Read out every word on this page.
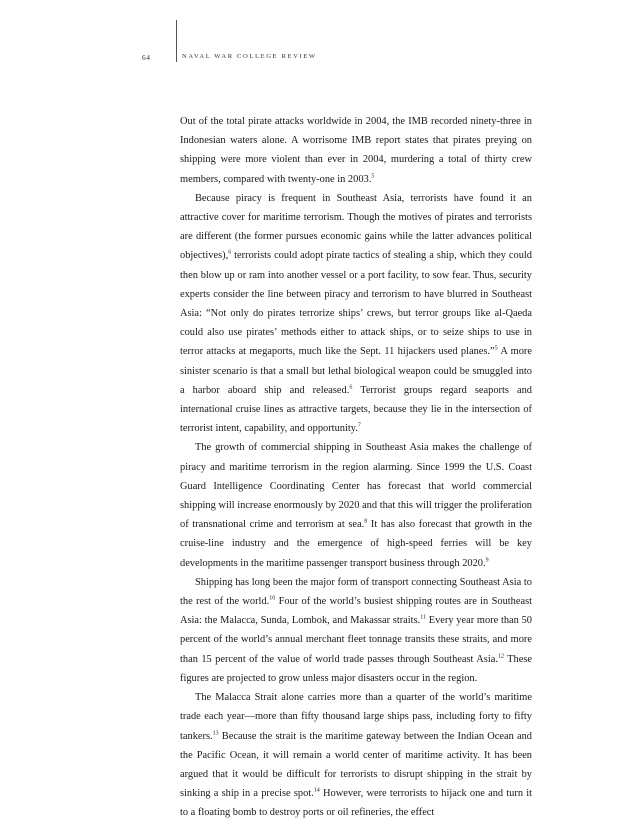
64	NAVAL WAR COLLEGE REVIEW

Out of the total pirate attacks worldwide in 2004, the IMB recorded ninety-three in Indonesian waters alone. A worrisome IMB report states that pirates preying on shipping were more violent than ever in 2004, murdering a total of thirty crew members, compared with twenty-one in 2003.$^5$

Because piracy is frequent in Southeast Asia, terrorists have found it an attractive cover for maritime terrorism. Though the motives of pirates and terrorists are different (the former pursues economic gains while the latter advances political objectives),$^6$ terrorists could adopt pirate tactics of stealing a ship, which they could then blow up or ram into another vessel or a port facility, to sow fear. Thus, security experts consider the line between piracy and terrorism to have blurred in Southeast Asia: “Not only do pirates terrorize ships’ crews, but terror groups like al-Qaeda could also use pirates’ methods either to attack ships, or to seize ships to use in terror attacks at megaports, much like the Sept. 11 hijackers used planes.”$^5$ A more sinister scenario is that a small but lethal biological weapon could be smuggled into a harbor aboard ship and released.$^6$ Terrorist groups regard seaports and international cruise lines as attractive targets, because they lie in the intersection of terrorist intent, capability, and opportunity.$^7$

The growth of commercial shipping in Southeast Asia makes the challenge of piracy and maritime terrorism in the region alarming. Since 1999 the U.S. Coast Guard Intelligence Coordinating Center has forecast that world commercial shipping will increase enormously by 2020 and that this will trigger the proliferation of transnational crime and terrorism at sea.$^8$ It has also forecast that growth in the cruise-line industry and the emergence of high-speed ferries will be key developments in the maritime passenger transport business through 2020.$^9$

Shipping has long been the major form of transport connecting Southeast Asia to the rest of the world.$^{10}$ Four of the world’s busiest shipping routes are in Southeast Asia: the Malacca, Sunda, Lombok, and Makassar straits.$^{11}$ Every year more than 50 percent of the world’s annual merchant fleet tonnage transits these straits, and more than 15 percent of the value of world trade passes through Southeast Asia.$^{12}$ These figures are projected to grow unless major disasters occur in the region.

The Malacca Strait alone carries more than a quarter of the world’s maritime trade each year—more than fifty thousand large ships pass, including forty to fifty tankers.$^{13}$ Because the strait is the maritime gateway between the Indian Ocean and the Pacific Ocean, it will remain a world center of maritime activity. It has been argued that it would be difficult for terrorists to disrupt shipping in the strait by sinking a ship in a precise spot.$^{14}$ However, were terrorists to hijack one and turn it to a floating bomb to destroy ports or oil refineries, the effect
